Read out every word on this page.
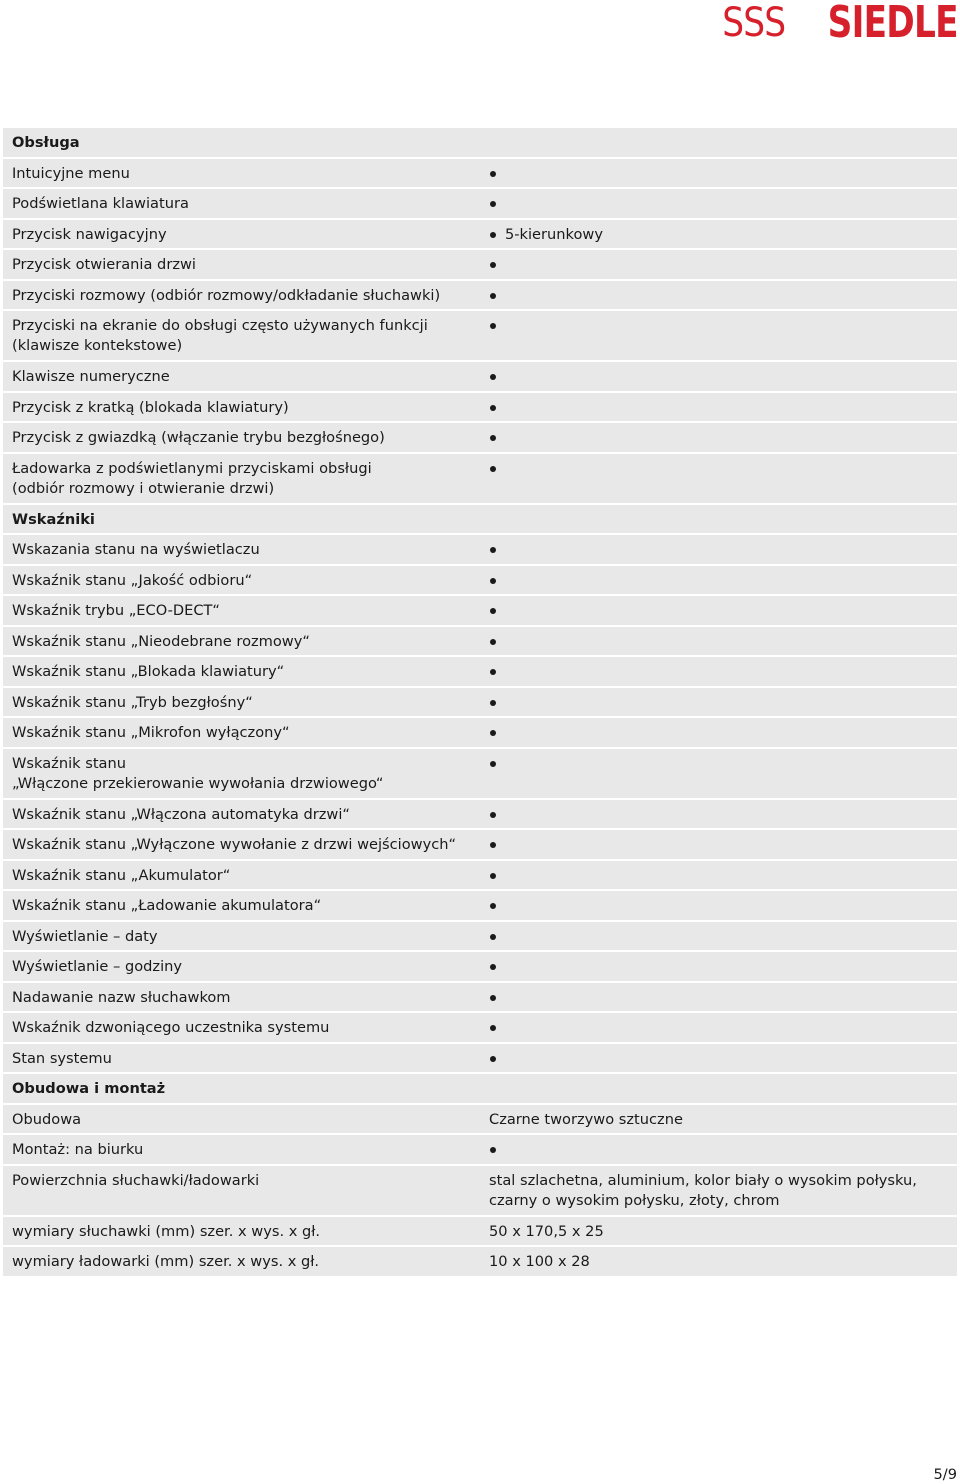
SSS SIEDLE
Obsługa
Intuicyjne menu
Podświetlana klawiatura
Przycisk nawigacyjny	5-kierunkowy
Przycisk otwierania drzwi
Przyciski rozmowy (odbiór rozmowy/odkładanie słuchawki)
Przyciski na ekranie do obsługi często używanych funkcji
(klawisze kontekstowe)
Klawisze numeryczne
Przycisk z kratką (blokada klawiatury)
Przycisk z gwiazdką (włączanie trybu bezgłośnego)
Ładowarka z podświetlanymi przyciskami obsługi
(odbiór rozmowy i otwieranie drzwi)
Wskaźniki
Wskazania stanu na wyświetlaczu
Wskaźnik stanu „Jakość odbioru“
Wskaźnik trybu „ECO-DECT“
Wskaźnik stanu „Nieodebrane rozmowy“
Wskaźnik stanu „Blokada klawiatury“
Wskaźnik stanu „Tryb bezgłośny“
Wskaźnik stanu „Mikrofon wyłączony“
Wskaźnik stanu
„Włączone przekierowanie wywołania drzwiowego“
Wskaźnik stanu „Włączona automatyka drzwi“
Wskaźnik stanu „Wyłączone wywołanie z drzwi wejściowych“
Wskaźnik stanu „Akumulator“
Wskaźnik stanu „Ładowanie akumulatora“
Wyświetlanie – daty
Wyświetlanie – godziny
Nadawanie nazw słuchawkom
Wskaźnik dzwoniącego uczestnika systemu
Stan systemu
Obudowa i montaż
Obudowa	Czarne tworzywo sztuczne
Montaż: na biurku
Powierzchnia słuchawki/ładowarki	stal szlachetna, aluminium, kolor biały o wysokim połysku,
czarny o wysokim połysku, złoty, chrom
wymiary słuchawki (mm) szer. x wys. x gł.	50 x 170,5 x 25
wymiary ładowarki (mm) szer. x wys. x gł.	10 x 100 x 28
5/9
